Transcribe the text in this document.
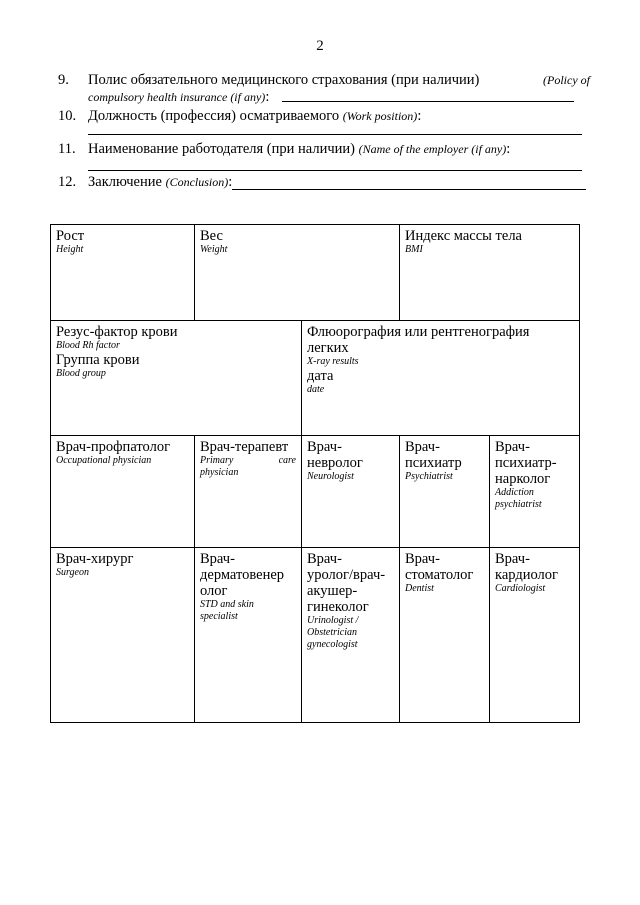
2
9. Полис обязательного медицинского страхования (при наличии)	(Policy of
compulsory health insurance (if any):
10. Должность (профессия) осматриваемого (Work position):
11. Наименование работодателя (при наличии) (Name of the employer (if any):
12. Заключение (Conclusion):
Рост
Height
Вес
Weight
Индекс массы тела
BMI
Резус-фактор крови
Blood Rh factor
Группа крови
Blood group
Флюорография или рентгенография
легких
X-ray results
дата
date
Врач-профпатолог
Occupational physician
Врач-терапевт
Primary	care
physician
Врач-
невролог
Neurologist
Врач-
психиатр
Psychiatrist
Врач-
психиатр-
нарколог
Addiction
psychiatrist
Врач-хирург
Surgeon
Врач-
дерматовенер
олог
STD and skin
specialist
Врач-
уролог/врач-
акушер-
гинеколог
Urinologist /
Obstetrician
gynecologist
Врач-
стоматолог
Dentist
Врач-
кардиолог
Cardiologist
